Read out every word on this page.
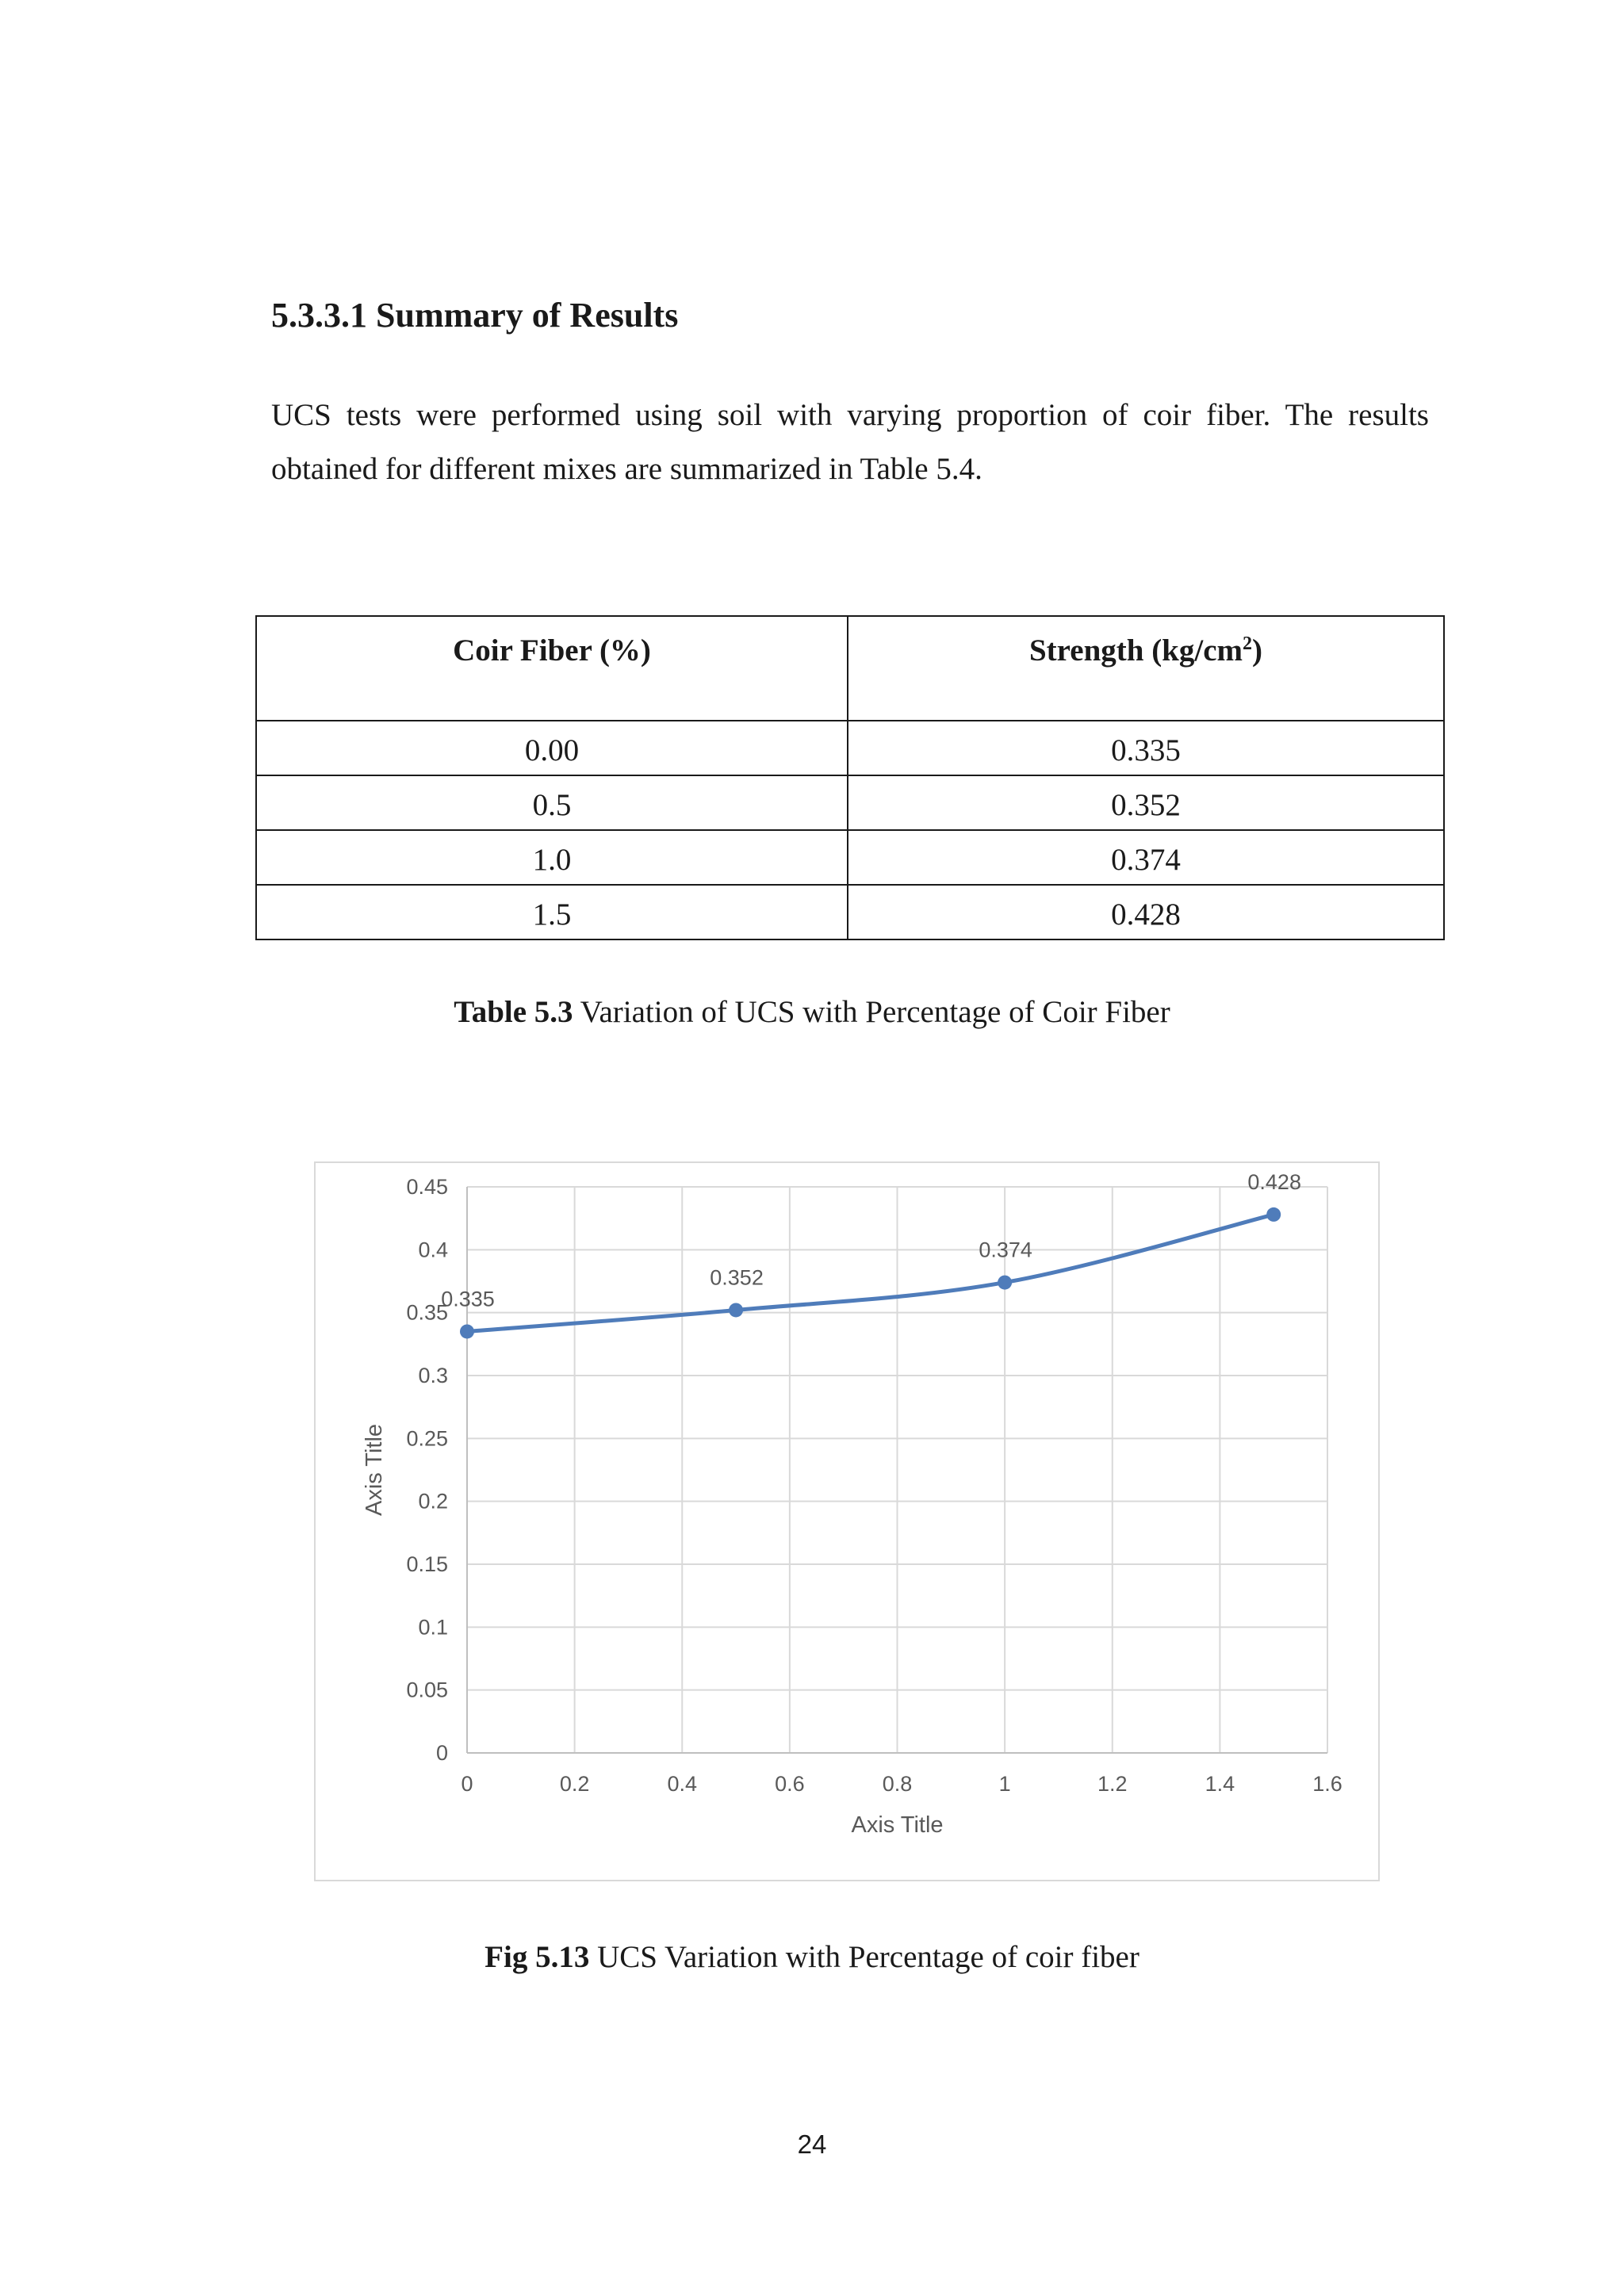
5.3.3.1 Summary of Results

UCS tests were performed using soil with varying proportion of coir fiber. The results obtained for different mixes are summarized in Table 5.4.

Coir Fiber (%)	Strength $(kg/cm^2)$
0.00	0.335
0.5	0.352
1.0	0.374
1.5	0.428

Table 5.3 Variation of UCS with Percentage of Coir Fiber

0
0.05
0.1
0.15
0.2
0.25
0.3
0.35
0.4
0.45
0	0.2	0.4	0.6	0.8	1	1.2	1.4	1.6
Axis Title
Axis Title
0.335
0.352
0.374
0.428

Fig 5.13 UCS Variation with Percentage of coir fiber

24
